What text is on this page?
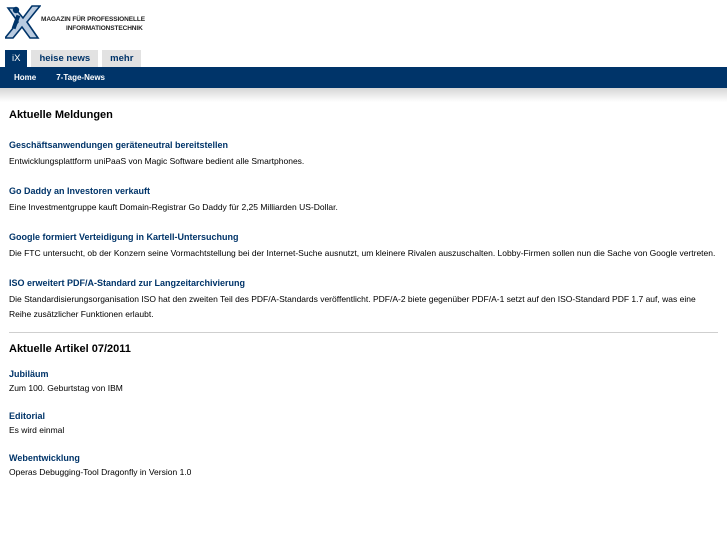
MAGAZIN FÜR PROFESSIONELLE
INFORMATIONSTECHNIK
iX	heise news	mehr
Home	7-Tage-News
Aktuelle Meldungen
Geschäftsanwendungen geräteneutral bereitstellen

Entwicklungsplattform uniPaaS von Magic Software bedient alle Smartphones.

Go Daddy an Investoren verkauft

Eine Investmentgruppe kauft Domain-Registrar Go Daddy für 2,25 Milliarden US-Dollar.

Google formiert Verteidigung in Kartell-Untersuchung

Die FTC untersucht, ob der Konzern seine Vormachtstellung bei der Internet-Suche ausnutzt, um kleinere Rivalen auszuschalten. Lobby-Firmen sollen nun die Sache von Google vertreten.

ISO erweitert PDF/A-Standard zur Langzeitarchivierung

Die Standardisierungsorganisation ISO hat den zweiten Teil des PDF/A-Standards veröffentlicht. PDF/A-2 biete gegenüber PDF/A-1 setzt auf den ISO-Standard PDF 1.7 auf, was eine Reihe zusätzlicher Funktionen erlaubt.

Aktuelle Artikel 07/2011
Jubiläum

Zum 100. Geburtstag von IBM

Editorial

Es wird einmal

Webentwicklung

Operas Debugging-Tool Dragonfly in Version 1.0
